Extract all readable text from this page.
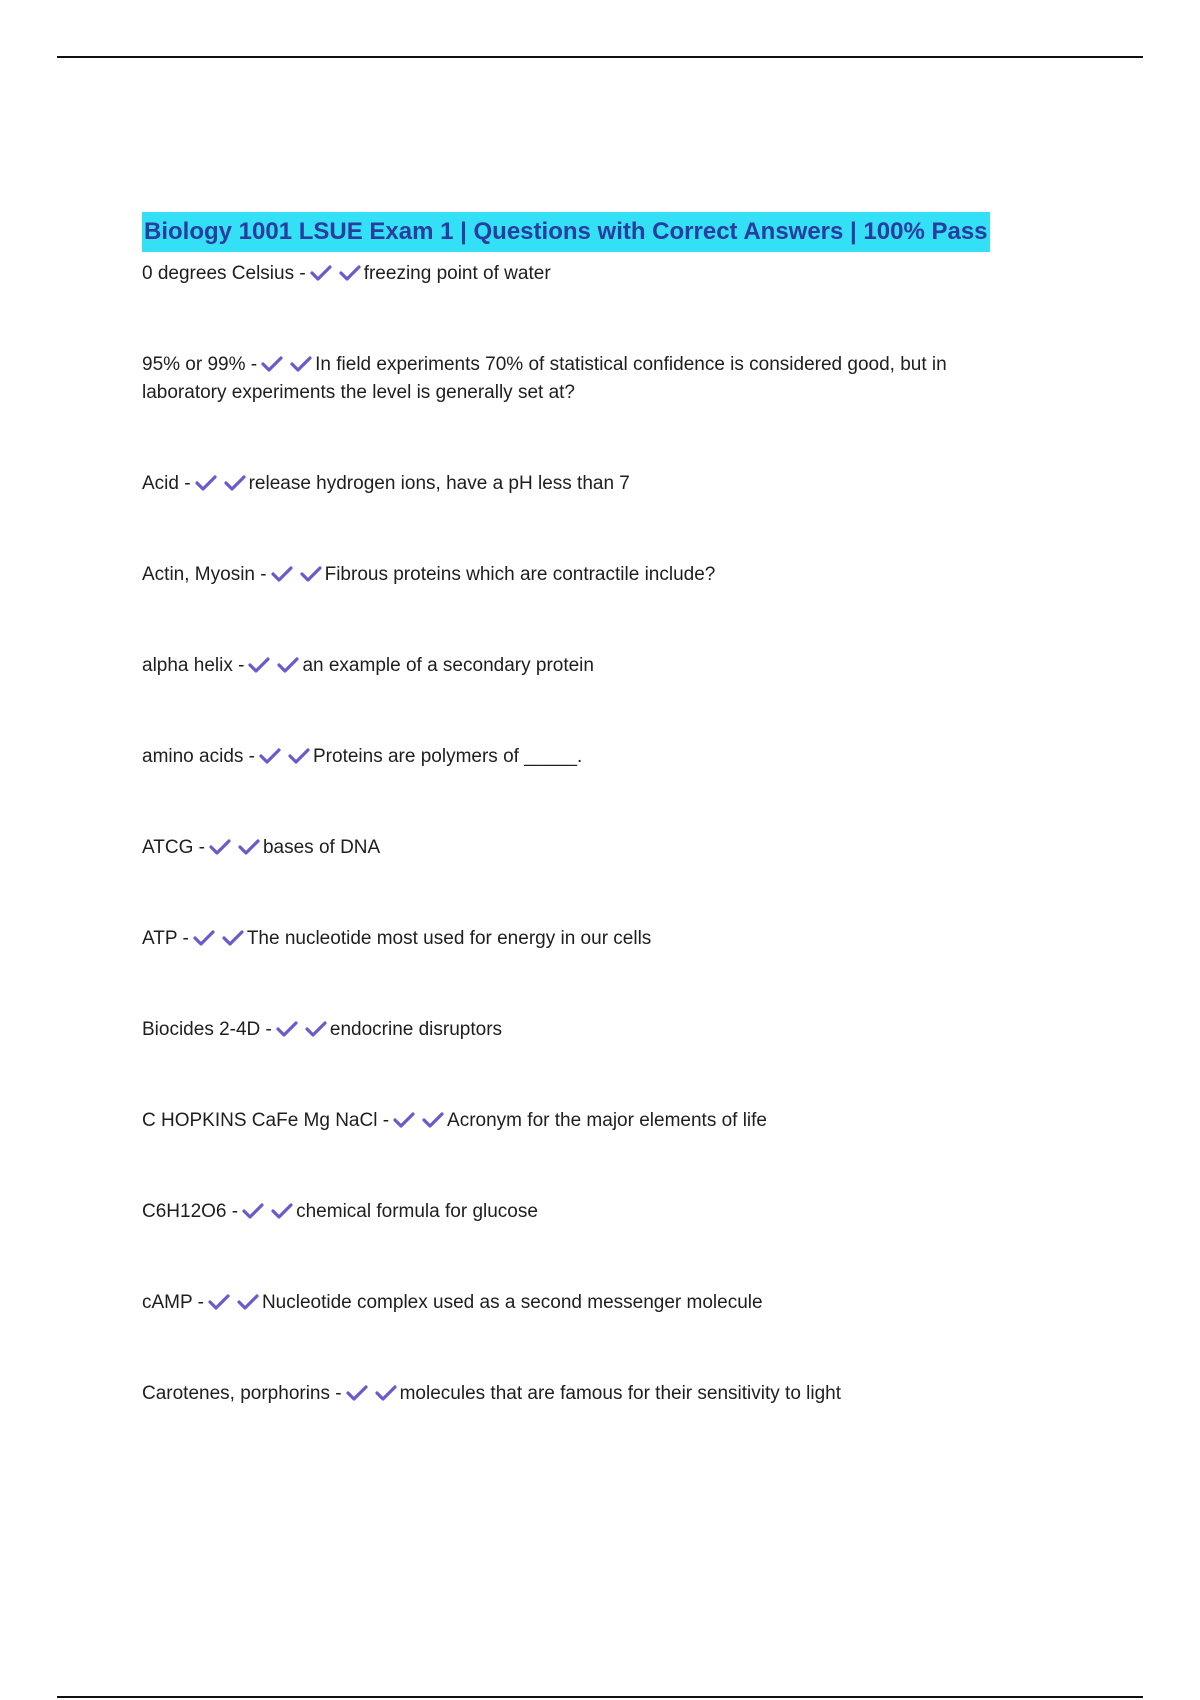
Biology 1001 LSUE Exam 1 | Questions with Correct Answers | 100% Pass
0 degrees Celsius -	freezing point of water
95% or 99% -	In field experiments 70% of statistical confidence is considered good, but in laboratory experiments the level is generally set at?
Acid -	release hydrogen ions, have a pH less than 7
Actin, Myosin -	Fibrous proteins which are contractile include?
alpha helix -	an example of a secondary protein
amino acids -	Proteins are polymers of _____.
ATCG -	bases of DNA
ATP -	The nucleotide most used for energy in our cells
Biocides 2-4D -	endocrine disruptors
C HOPKINS CaFe Mg NaCl -	Acronym for the major elements of life
C6H12O6 -	chemical formula for glucose
cAMP -	Nucleotide complex used as a second messenger molecule
Carotenes, porphorins -	molecules that are famous for their sensitivity to light
